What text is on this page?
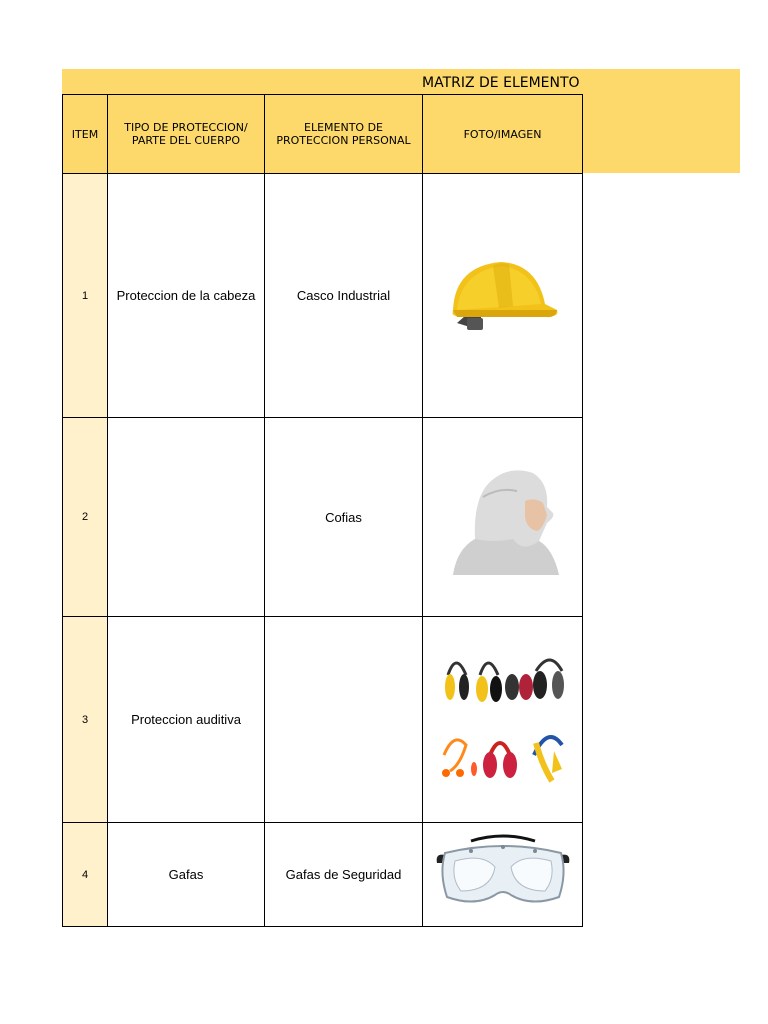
MATRIZ DE ELEMENTO
ITEM	TIPO DE PROTECCION/ PARTE DEL CUERPO	ELEMENTO DE PROTECCION PERSONAL	FOTO/IMAGEN
1	Proteccion de la cabeza	Casco Industrial	

2		Cofias	

3	Proteccion auditiva		

4	Gafas	Gafas de Seguridad	
